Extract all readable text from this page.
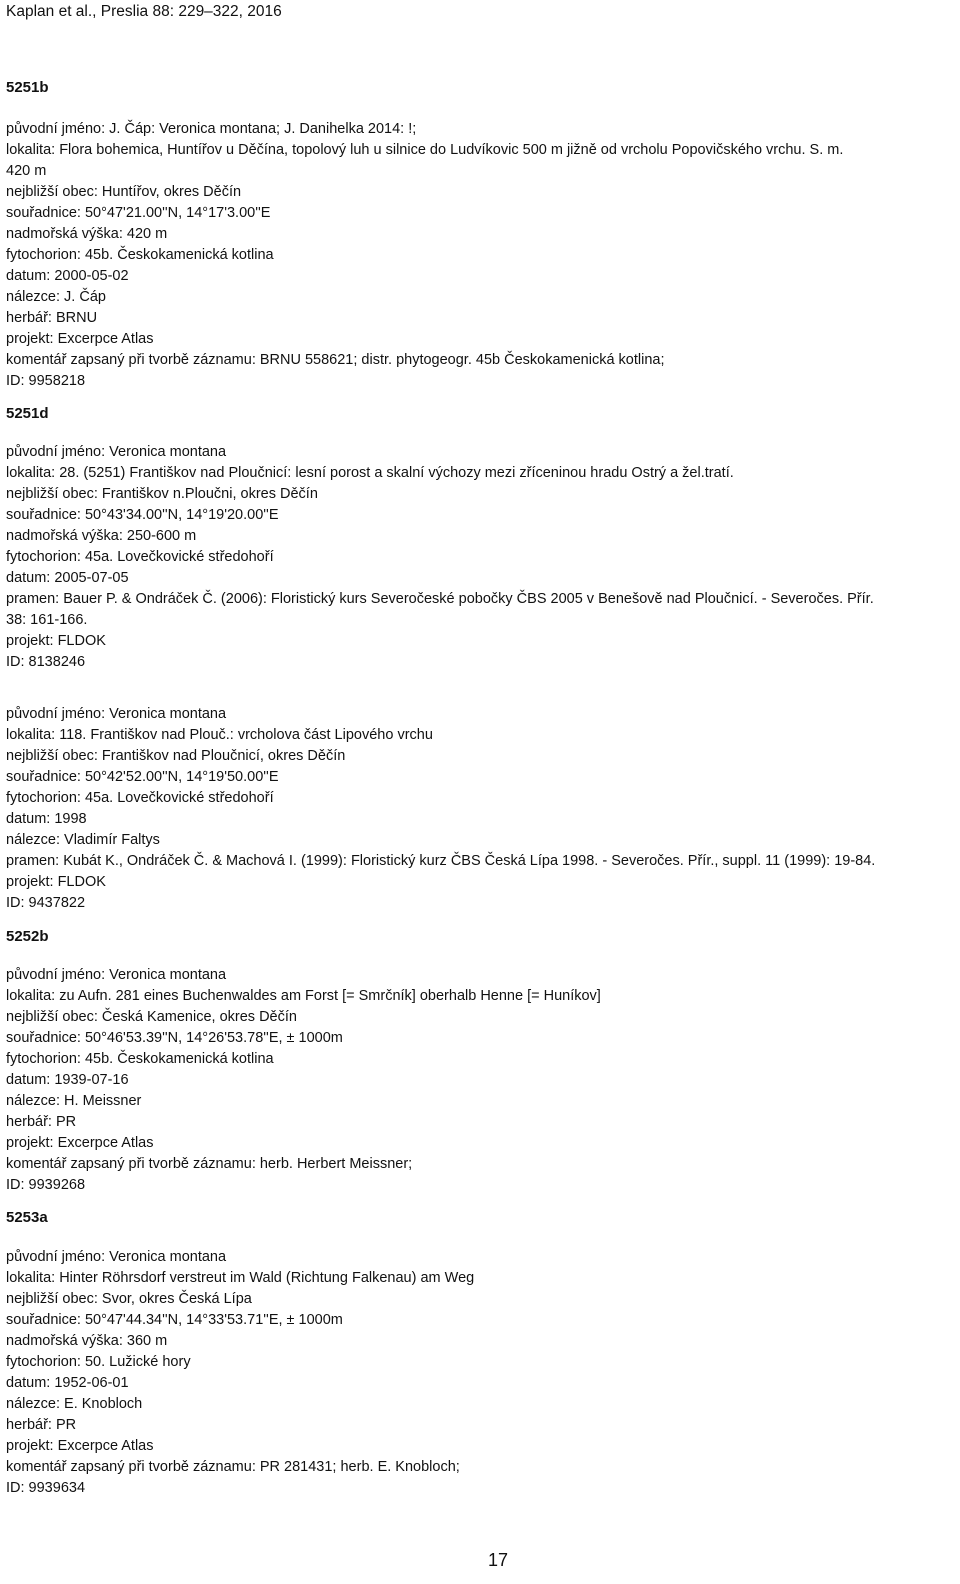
Kaplan et al., Preslia 88: 229–322, 2016
5251b
původní jméno: J. Čáp: Veronica montana; J. Danihelka 2014: !;
lokalita: Flora bohemica, Huntířov u Děčína, topolový luh u silnice do Ludvíkovic 500 m jižně od vrcholu Popovičského vrchu. S. m.
420 m
nejbližší obec: Huntířov, okres Děčín
souřadnice: 50°47'21.00''N, 14°17'3.00''E
nadmořská výška: 420 m
fytochorion: 45b. Českokamenická kotlina
datum: 2000-05-02
nálezce: J. Čáp
herbář: BRNU
projekt: Excerpce Atlas
komentář zapsaný při tvorbě záznamu: BRNU 558621; distr. phytogeogr. 45b Českokamenická kotlina;
ID: 9958218
5251d
původní jméno: Veronica montana
lokalita: 28. (5251) Františkov nad Ploučnicí: lesní porost a skalní výchozy mezi zříceninou hradu Ostrý a žel.tratí.
nejbližší obec: Františkov n.Ploučni, okres Děčín
souřadnice: 50°43'34.00''N, 14°19'20.00''E
nadmořská výška: 250-600 m
fytochorion: 45a. Lovečkovické středohoří
datum: 2005-07-05
pramen: Bauer P. & Ondráček Č. (2006): Floristický kurs Severočeské pobočky ČBS 2005 v Benešově nad Ploučnicí. - Severočes. Přír.
38: 161-166.
projekt: FLDOK
ID: 8138246
původní jméno: Veronica montana
lokalita: 118. Františkov nad Plouč.: vrcholova část Lipového vrchu
nejbližší obec: Františkov nad Ploučnicí, okres Děčín
souřadnice: 50°42'52.00''N, 14°19'50.00''E
fytochorion: 45a. Lovečkovické středohoří
datum: 1998
nálezce: Vladimír Faltys
pramen: Kubát K., Ondráček Č. & Machová I. (1999): Floristický kurz ČBS Česká Lípa 1998. - Severočes. Přír., suppl. 11 (1999): 19-84.
projekt: FLDOK
ID: 9437822
5252b
původní jméno: Veronica montana
lokalita: zu Aufn. 281 eines Buchenwaldes am Forst [= Smrčník] oberhalb Henne [= Huníkov]
nejbližší obec: Česká Kamenice, okres Děčín
souřadnice: 50°46'53.39''N, 14°26'53.78''E, ± 1000m
fytochorion: 45b. Českokamenická kotlina
datum: 1939-07-16
nálezce: H. Meissner
herbář: PR
projekt: Excerpce Atlas
komentář zapsaný při tvorbě záznamu: herb. Herbert Meissner;
ID: 9939268
5253a
původní jméno: Veronica montana
lokalita: Hinter Röhrsdorf verstreut im Wald (Richtung Falkenau) am Weg
nejbližší obec: Svor, okres Česká Lípa
souřadnice: 50°47'44.34''N, 14°33'53.71''E, ± 1000m
nadmořská výška: 360 m
fytochorion: 50. Lužické hory
datum: 1952-06-01
nálezce: E. Knobloch
herbář: PR
projekt: Excerpce Atlas
komentář zapsaný při tvorbě záznamu: PR 281431; herb. E. Knobloch;
ID: 9939634
17
